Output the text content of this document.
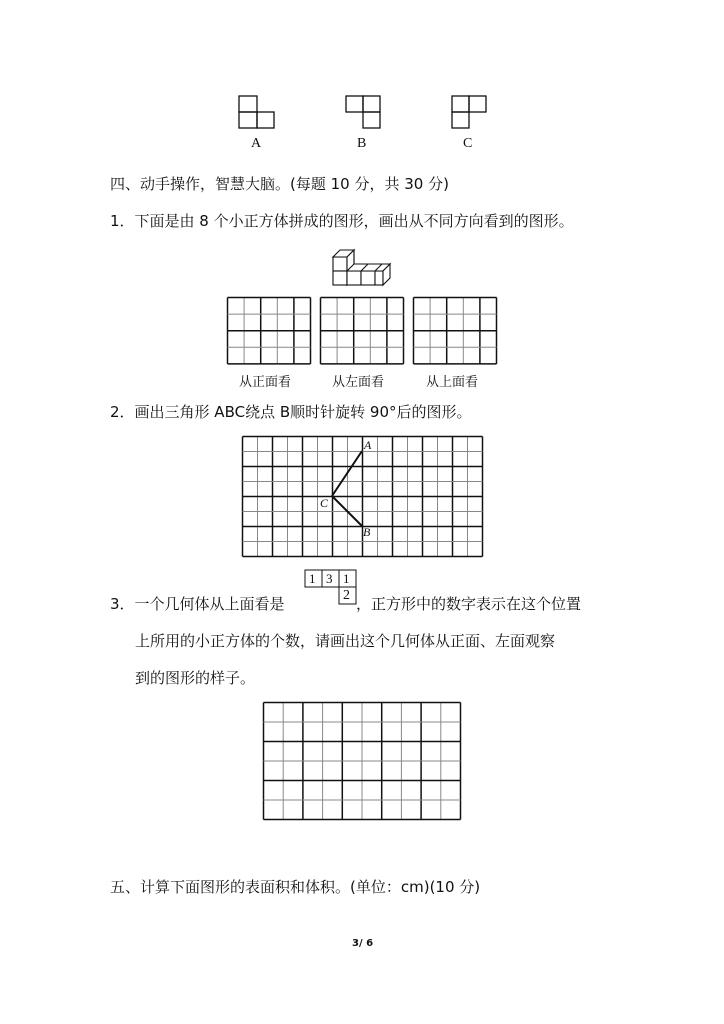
A	B	C
四、动手操作，智慧大脑。(每题 10 分，共 30 分)
1．下面是由 8 个小正方体拼成的图形，画出从不同方向看到的图形。
从正面看	从左面看	从上面看
2．画出三角形 ABC绕点 B顺时针旋转 90°后的图形。
A
C
B
1 3 1
2
3．一个几何体从上面看是	，正方形中的数字表示在这个位置
上所用的小正方体的个数，请画出这个几何体从正面、左面观察
到的图形的样子。
五、计算下面图形的表面积和体积。(单位：cm)(10 分)
3/ 6
